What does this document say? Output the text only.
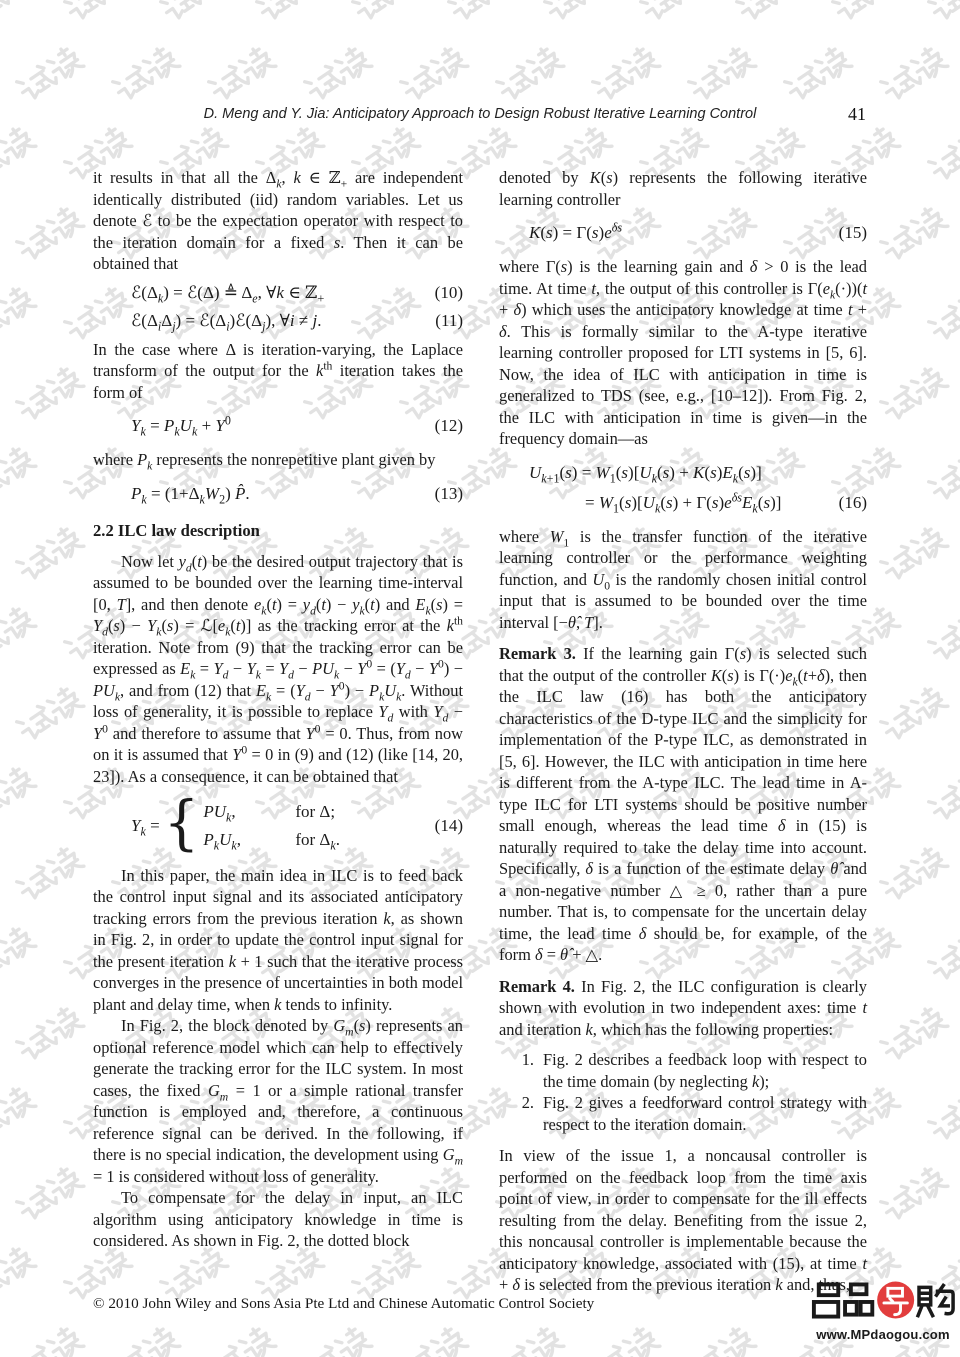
D. Meng and Y. Jia: Anticipatory Approach to Design Robust Iterative Learning Control	41

it results in that all the $\Delta_k$, k ∈ ℤ$_+$ are independent identically distributed (iid) random variables. Let us denote ℰ to be the expectation operator with respect to the iteration domain for a fixed s. Then it can be obtained that

$ℰ(\Delta_k)$ = ℰ(Δ) ≜ $\Delta_e$, ∀k ∈ ℤ$_+$	(10)
$ℰ(\Delta_i\Delta_j)$ = $ℰ(\Delta_i)ℰ(\Delta_j)$, ∀i ≠ j.	(11)

In the case where Δ is iteration-varying, the Laplace transform of the output for the $k^{th}$ iteration takes the form of

$Y_k = P_kU_k + Y^0$	(12)

where $P_k$ represents the nonrepetitive plant given by

$P_k = (1+\Delta_kW_2)$ P̂.	(13)
2.2 ILC law description

Now let $y_d(t)$ be the desired output trajectory that is assumed to be bounded over the learning time-interval [0, T], and then denote $e_k(t) = y_d(t) - y_k(t)$ and $E_k(s) = Y_d(s) - Y_k(s)$ = $ℒ[e_k(t)]$ as the tracking error at the $k^{th}$ iteration. Note from (9) that the tracking error can be expressed as $E_k = Y_d - Y_k = Y_d - PU_k - Y^0 = (Y_d - Y^0) - PU_k$, and from (12) that $E_k = (Y_d - Y^0) - P_kU_k$. Without loss of generality, it is possible to replace $Y_d$ with $Y_d - Y^0$ and therefore to assume that $Y^0 = 0$. Thus, from now on it is assumed that $Y^0 = 0$ in (9) and (12) (like [14, 20, 23]). As a consequence, it can be obtained that

$Y_k$ = { $PU_k$,	for Δ;
$P_kU_k$,	for $\Delta_k$.
(14)

In this paper, the main idea in ILC is to feed back the control input signal and its associated anticipatory tracking errors from the previous iteration k, as shown in Fig. 2, in order to update the control input signal for the present iteration k + 1 such that the iterative process converges in the presence of uncertainties in both model plant and delay time, when k tends to infinity.

In Fig. 2, the block denoted by $G_m(s)$ represents an optional reference model which can help to effectively generate the tracking error for the ILC system. In most cases, the fixed $G_m = 1$ or a simple rational transfer function is employed and, therefore, a continuous reference signal can be derived. In the following, if there is no special indication, the development using $G_m = 1$ is considered without loss of generality.

To compensate for the delay in input, an ILC algorithm using anticipatory knowledge in time is considered. As shown in Fig. 2, the dotted block

denoted by K(s) represents the following iterative learning controller

$K(s) = \Gamma(s)e^{\delta s}$	(15)

where Γ(s) is the learning gain and δ > 0 is the lead time. At time t, the output of this controller is $\Gamma(e_k(\cdot))(t + \delta)$ which uses the anticipatory knowledge at time t + δ. This is formally similar to the A-type iterative learning controller proposed for LTI systems in [5, 6]. Now, the idea of ILC with anticipation in time is generalized to TDS (see, e.g., [10–12]). From Fig. 2, the ILC with anticipation in time is given—in the frequency domain—as

$U_{k+1}(s) = W_1(s)[U_k(s) + K(s)E_k(s)]$
= $W_1(s)[U_k(s) + \Gamma(s)e^{\delta s}E_k(s)]$	(16)

where $W_1$ is the transfer function of the iterative learning controller or the performance weighting function, and $U_0$ is the randomly chosen initial control input that is assumed to be bounded over the time interval [−θ̂, T].

Remark 3. If the learning gain Γ(s) is selected such that the output of the controller K(s) is $\Gamma(\cdot)e_k(t+\delta)$, then the ILC law (16) has both the anticipatory characteristics of the D-type ILC and the simplicity for implementation of the P-type ILC, as demonstrated in [5, 6]. However, the ILC with anticipation in time here is different from the A-type ILC. The lead time in A-type ILC for LTI systems should be positive number small enough, whereas the lead time δ in (15) is naturally required to take the delay time into account. Specifically, δ is a function of the estimate delay θ̂ and a non-negative number △ ≥ 0, rather than a pure number. That is, to compensate for the uncertain delay time, the lead time δ should be, for example, of the form δ = θ̂ + △.

Remark 4. In Fig. 2, the ILC configuration is clearly shown with evolution in two independent axes: time t and iteration k, which has the following properties:

1. Fig. 2 describes a feedback loop with respect to the time domain (by neglecting k);
2. Fig. 2 gives a feedforward control strategy with respect to the iteration domain.

In view of the issue 1, a noncausal controller is performed on the feedback loop from the time axis point of view, in order to compensate for the ill effects resulting from the delay. Benefiting from the issue 2, this noncausal controller is implementable because the anticipatory knowledge, associated with (15), at time t + δ is selected from the previous iteration k and, thus,

© 2010 John Wiley and Sons Asia Pte Ltd and Chinese Automatic Control Society
www.MPdaogou.com
